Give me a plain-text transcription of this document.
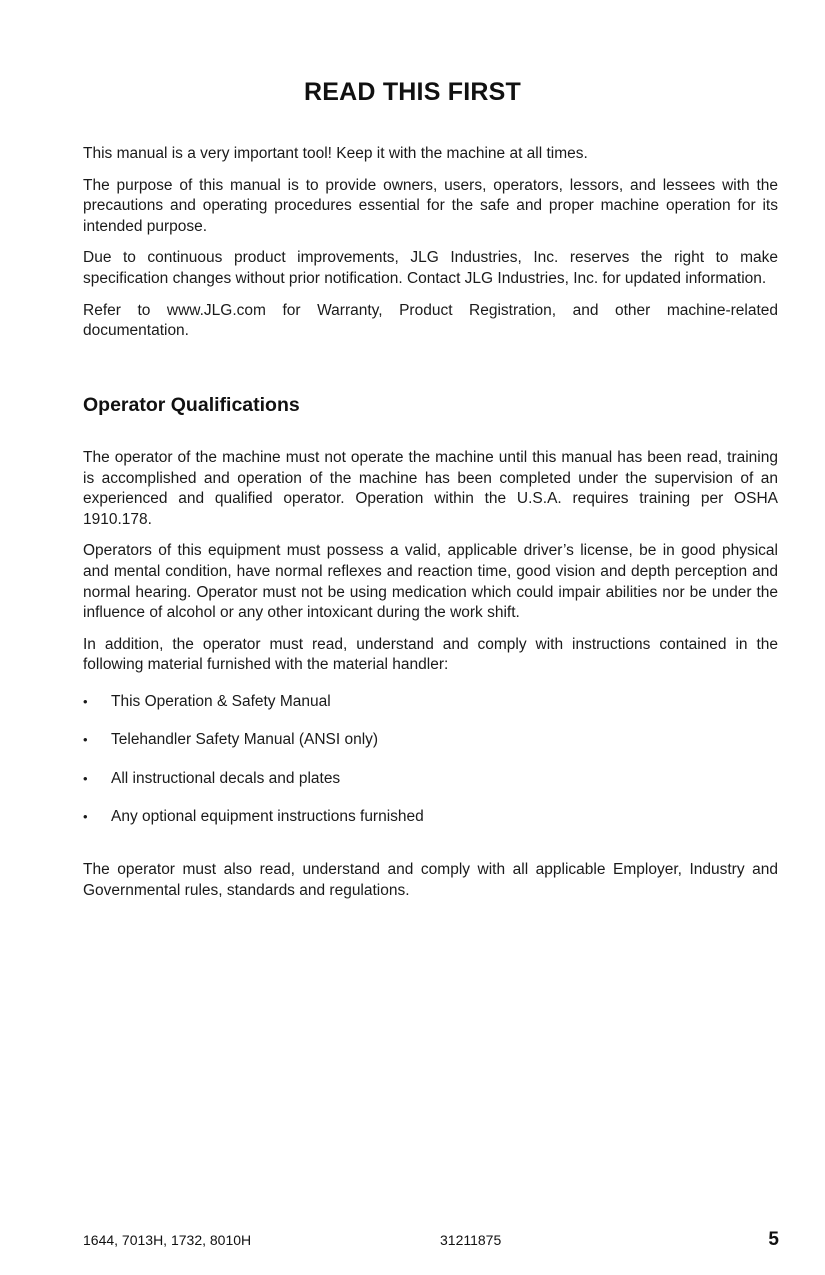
READ THIS FIRST

This manual is a very important tool! Keep it with the machine at all times.

The purpose of this manual is to provide owners, users, operators, lessors, and lessees with the precautions and operating procedures essential for the safe and proper machine operation for its intended purpose.

Due to continuous product improvements, JLG Industries, Inc. reserves the right to make specification changes without prior notification. Contact JLG Industries, Inc. for updated information.

Refer to www.JLG.com for Warranty, Product Registration, and other machine-related documentation.

Operator Qualifications

The operator of the machine must not operate the machine until this manual has been read, training is accomplished and operation of the machine has been completed under the supervision of an experienced and qualified operator. Operation within the U.S.A. requires training per OSHA 1910.178.

Operators of this equipment must possess a valid, applicable driver’s license, be in good physical and mental condition, have normal reflexes and reaction time, good vision and depth perception and normal hearing. Operator must not be using medication which could impair abilities nor be under the influence of alcohol or any other intoxicant during the work shift.

In addition, the operator must read, understand and comply with instructions contained in the following material furnished with the material handler:

• This Operation & Safety Manual
• Telehandler Safety Manual (ANSI only)
• All instructional decals and plates
• Any optional equipment instructions furnished

The operator must also read, understand and comply with all applicable Employer, Industry and Governmental rules, standards and regulations.

1644, 7013H, 1732, 8010H	31211875	5
